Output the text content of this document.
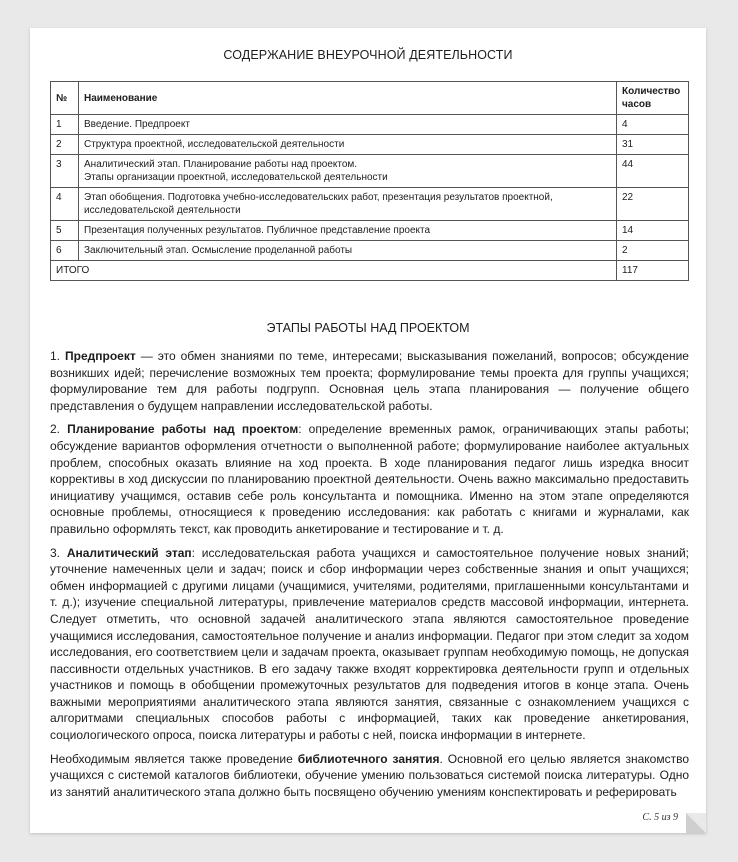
СОДЕРЖАНИЕ ВНЕУРОЧНОЙ ДЕЯТЕЛЬНОСТИ
№	Наименование	Количество часов
1	Введение. Предпроект	4
2	Структура проектной, исследовательской деятельности	31
3	Аналитический этап. Планирование работы над проектом.
Этапы организации проектной, исследовательской деятельности	44
4	Этап обобщения. Подготовка учебно-исследовательских работ, презентация результатов проектной, исследовательской деятельности	22
5	Презентация полученных результатов. Публичное представление проекта	14
6	Заключительный этап. Осмысление проделанной работы	2
ИТОГО		117
ЭТАПЫ РАБОТЫ НАД ПРОЕКТОМ

1. Предпроект — это обмен знаниями по теме, интересами; высказывания пожеланий, вопросов; обсуждение возникших идей; перечисление возможных тем проекта; формулирование темы проекта для группы учащихся; формулирование тем для работы подгрупп. Основная цель этапа планирования — получение общего представления о будущем направлении исследовательской работы.

2. Планирование работы над проектом: определение временных рамок, ограничивающих этапы работы; обсуждение вариантов оформления отчетности о выполненной работе; формулирование наиболее актуальных проблем, способных оказать влияние на ход проекта. В ходе планирования педагог лишь изредка вносит коррективы в ход дискуссии по планированию проектной деятельности. Очень важно максимально предоставить инициативу учащимся, оставив себе роль консультанта и помощника. Именно на этом этапе определяются основные проблемы, относящиеся к проведению исследования: как работать с книгами и журналами, как правильно оформлять текст, как проводить анкетирование и тестирование и т. д.

3. Аналитический этап: исследовательская работа учащихся и самостоятельное получение новых знаний; уточнение намеченных цели и задач; поиск и сбор информации через собственные знания и опыт учащихся; обмен информацией с другими лицами (учащимися, учителями, родителями, приглашенными консультантами и т. д.); изучение специальной литературы, привлечение материалов средств массовой информации, интернета. Следует отметить, что основной задачей аналитического этапа являются самостоятельное проведение учащимися исследования, самостоятельное получение и анализ информации. Педагог при этом следит за ходом исследования, его соответствием цели и задачам проекта, оказывает группам необходимую помощь, не допуская пассивности отдельных участников. В его задачу также входят корректировка деятельности групп и отдельных участников и помощь в обобщении промежуточных результатов для подведения итогов в конце этапа. Очень важными мероприятиями аналитического этапа являются занятия, связанные с ознакомлением учащихся с алгоритмами специальных способов работы с информацией, таких как проведение анкетирования, социологического опроса, поиска литературы и работы с ней, поиска информации в интернете.

Необходимым является также проведение библиотечного занятия. Основной его целью является знакомство учащихся с системой каталогов библиотеки, обучение умению пользоваться системой поиска литературы. Одно из занятий аналитического этапа должно быть посвящено обучению умениям конспектировать и реферировать

С. 5 из 9
